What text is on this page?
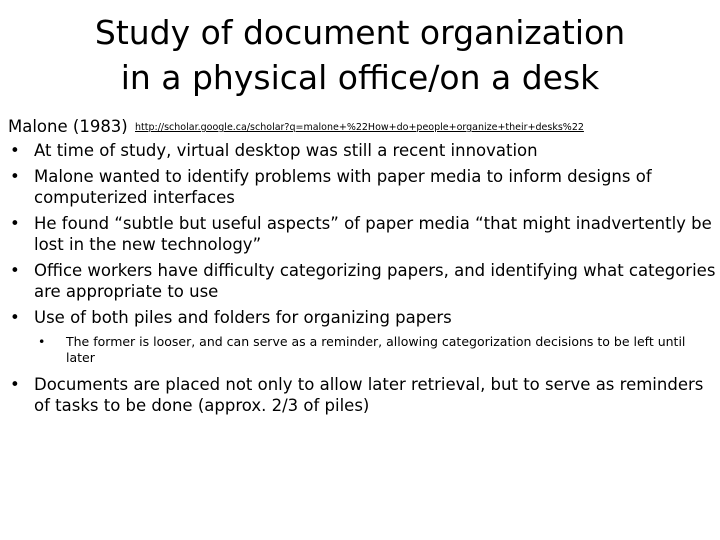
Study of document organization
in a physical office/on a desk
Malone (1983) http://scholar.google.ca/scholar?q=malone+%22How+do+people+organize+their+desks%22
• At time of study, virtual desktop was still a recent innovation
• Malone wanted to identify problems with paper media to inform designs of computerized interfaces
• He found “subtle but useful aspects” of paper media “that might inadvertently be lost in the new technology”
• Office workers have difficulty categorizing papers, and identifying what categories are appropriate to use
• Use of both piles and folders for organizing papers
• The former is looser, and can serve as a reminder, allowing categorization decisions to be left until later
• Documents are placed not only to allow later retrieval, but to serve as reminders of tasks to be done (approx. 2/3 of piles)
